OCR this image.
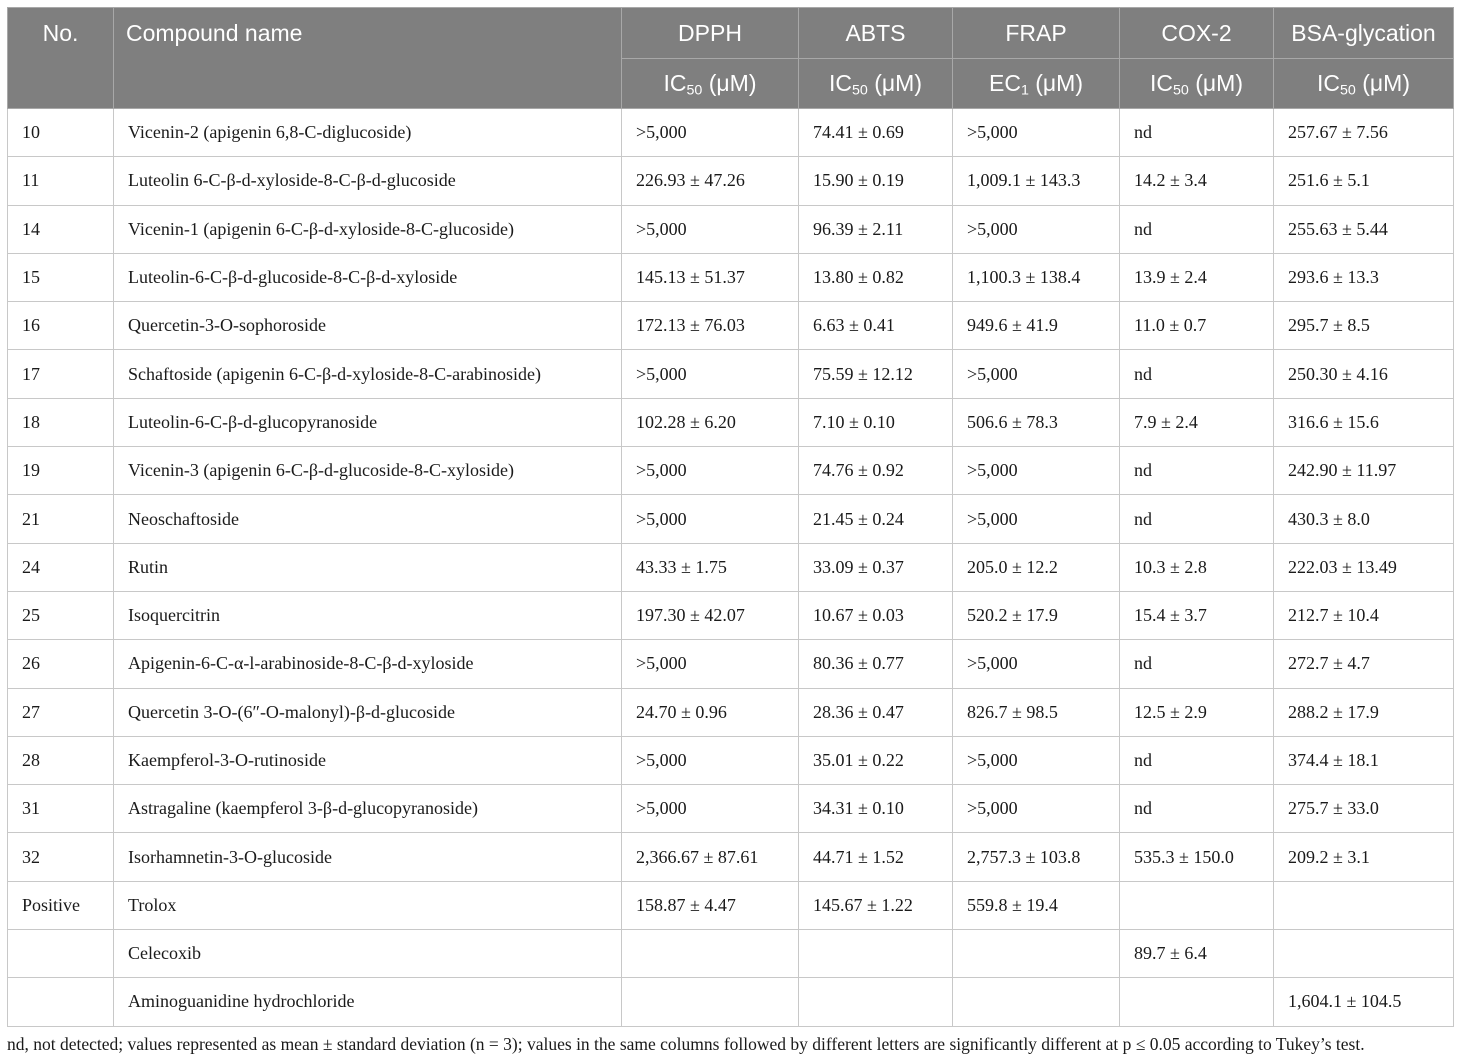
No.	Compound name	DPPH	ABTS	FRAP	COX-2	BSA-glycation
		$IC_{50}$ (μM)	$IC_{50}$ (μM)	$EC_1$ (μM)	$IC_{50}$ (μM)	$IC_{50}$ (μM)
10	Vicenin-2 (apigenin 6,8-C-diglucoside)	>5,000	74.41 ± 0.69	>5,000	nd	257.67 ± 7.56
11	Luteolin 6-C-β-d-xyloside-8-C-β-d-glucoside	226.93 ± 47.26	15.90 ± 0.19	1,009.1 ± 143.3	14.2 ± 3.4	251.6 ± 5.1
14	Vicenin-1 (apigenin 6-C-β-d-xyloside-8-C-glucoside)	>5,000	96.39 ± 2.11	>5,000	nd	255.63 ± 5.44
15	Luteolin-6-C-β-d-glucoside-8-C-β-d-xyloside	145.13 ± 51.37	13.80 ± 0.82	1,100.3 ± 138.4	13.9 ± 2.4	293.6 ± 13.3
16	Quercetin-3-O-sophoroside	172.13 ± 76.03	6.63 ± 0.41	949.6 ± 41.9	11.0 ± 0.7	295.7 ± 8.5
17	Schaftoside (apigenin 6-C-β-d-xyloside-8-C-arabinoside)	>5,000	75.59 ± 12.12	>5,000	nd	250.30 ± 4.16
18	Luteolin-6-C-β-d-glucopyranoside	102.28 ± 6.20	7.10 ± 0.10	506.6 ± 78.3	7.9 ± 2.4	316.6 ± 15.6
19	Vicenin-3 (apigenin 6-C-β-d-glucoside-8-C-xyloside)	>5,000	74.76 ± 0.92	>5,000	nd	242.90 ± 11.97
21	Neoschaftoside	>5,000	21.45 ± 0.24	>5,000	nd	430.3 ± 8.0
24	Rutin	43.33 ± 1.75	33.09 ± 0.37	205.0 ± 12.2	10.3 ± 2.8	222.03 ± 13.49
25	Isoquercitrin	197.30 ± 42.07	10.67 ± 0.03	520.2 ± 17.9	15.4 ± 3.7	212.7 ± 10.4
26	Apigenin-6-C-α-l-arabinoside-8-C-β-d-xyloside	>5,000	80.36 ± 0.77	>5,000	nd	272.7 ± 4.7
27	Quercetin 3-O-(6″-O-malonyl)-β-d-glucoside	24.70 ± 0.96	28.36 ± 0.47	826.7 ± 98.5	12.5 ± 2.9	288.2 ± 17.9
28	Kaempferol-3-O-rutinoside	>5,000	35.01 ± 0.22	>5,000	nd	374.4 ± 18.1
31	Astragaline (kaempferol 3-β-d-glucopyranoside)	>5,000	34.31 ± 0.10	>5,000	nd	275.7 ± 33.0
32	Isorhamnetin-3-O-glucoside	2,366.67 ± 87.61	44.71 ± 1.52	2,757.3 ± 103.8	535.3 ± 150.0	209.2 ± 3.1
Positive	Trolox	158.87 ± 4.47	145.67 ± 1.22	559.8 ± 19.4		
	Celecoxib				89.7 ± 6.4	
	Aminoguanidine hydrochloride					1,604.1 ± 104.5
nd, not detected; values represented as mean ± standard deviation (n = 3); values in the same columns followed by different letters are significantly different at p ≤ 0.05 according to Tukey’s test.
